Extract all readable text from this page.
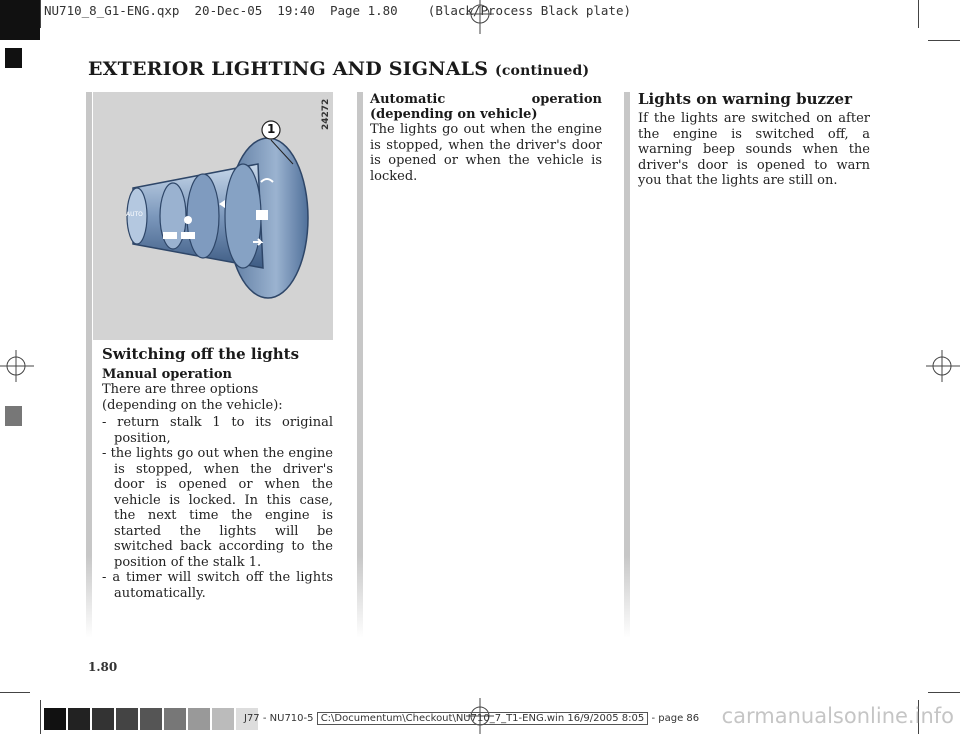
NU710_8_G1-ENG.qxp  20-Dec-05  19:40  Page 1.80    (Black/Process Black plate)
EXTERIOR LIGHTING AND SIGNALS (continued)
1
AUTO
24272
Switching off the lights
Manual operation

There are three options (depending on the vehicle):

- return stalk 1 to its original position,
- the lights go out when the engine is stopped, when the driver's door is opened or when the vehicle is locked. In this case, the next time the engine is started the lights will be switched back according to the position of the stalk 1.
- a timer will switch off the lights automatically.
Automatic operation (depending on vehicle)

The lights go out when the engine is stopped, when the driver's door is opened or when the vehicle is locked.

Lights on warning buzzer

If the lights are switched on after the engine is switched off, a warning beep sounds when the driver's door is opened to warn you that the lights are still on.

1.80
J77 - NU710-5 C:\Documentum\Checkout\NU710_7_T1-ENG.win 16/9/2005 8:05 - page 86 carmanualsonline.info
